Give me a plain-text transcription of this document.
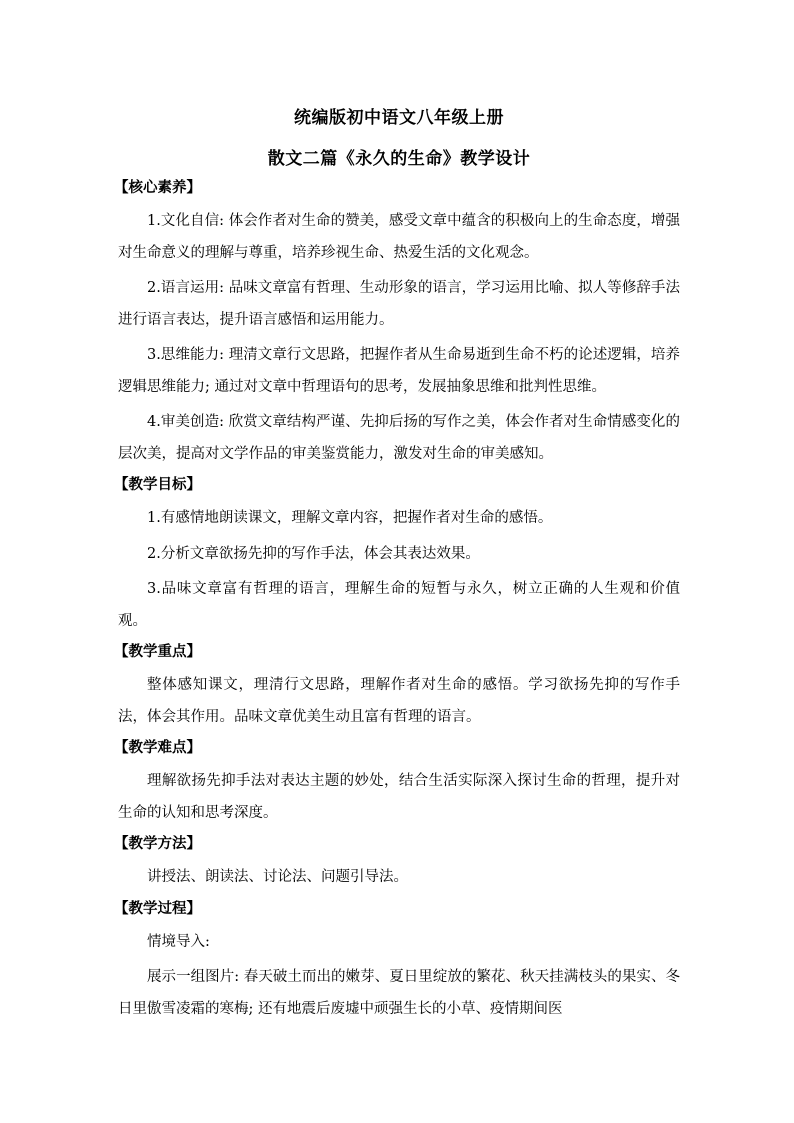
统编版初中语文八年级上册
散文二篇《永久的生命》教学设计
【核心素养】

1.文化自信: 体会作者对生命的赞美，感受文章中蕴含的积极向上的生命态度，增强对生命意义的理解与尊重，培养珍视生命、热爱生活的文化观念。

2.语言运用: 品味文章富有哲理、生动形象的语言，学习运用比喻、拟人等修辞手法进行语言表达，提升语言感悟和运用能力。

3.思维能力: 理清文章行文思路，把握作者从生命易逝到生命不朽的论述逻辑，培养逻辑思维能力; 通过对文章中哲理语句的思考，发展抽象思维和批判性思维。

4.审美创造: 欣赏文章结构严谨、先抑后扬的写作之美，体会作者对生命情感变化的层次美，提高对文学作品的审美鉴赏能力，激发对生命的审美感知。

【教学目标】

1.有感情地朗读课文，理解文章内容，把握作者对生命的感悟。

2.分析文章欲扬先抑的写作手法，体会其表达效果。

3.品味文章富有哲理的语言，理解生命的短暂与永久，树立正确的人生观和价值观。

【教学重点】

整体感知课文，理清行文思路，理解作者对生命的感悟。学习欲扬先抑的写作手法，体会其作用。品味文章优美生动且富有哲理的语言。

【教学难点】

理解欲扬先抑手法对表达主题的妙处，结合生活实际深入探讨生命的哲理，提升对生命的认知和思考深度。

【教学方法】

讲授法、朗读法、讨论法、问题引导法。

【教学过程】

情境导入:

展示一组图片: 春天破土而出的嫩芽、夏日里绽放的繁花、秋天挂满枝头的果实、冬日里傲雪凌霜的寒梅; 还有地震后废墟中顽强生长的小草、疫情期间医
